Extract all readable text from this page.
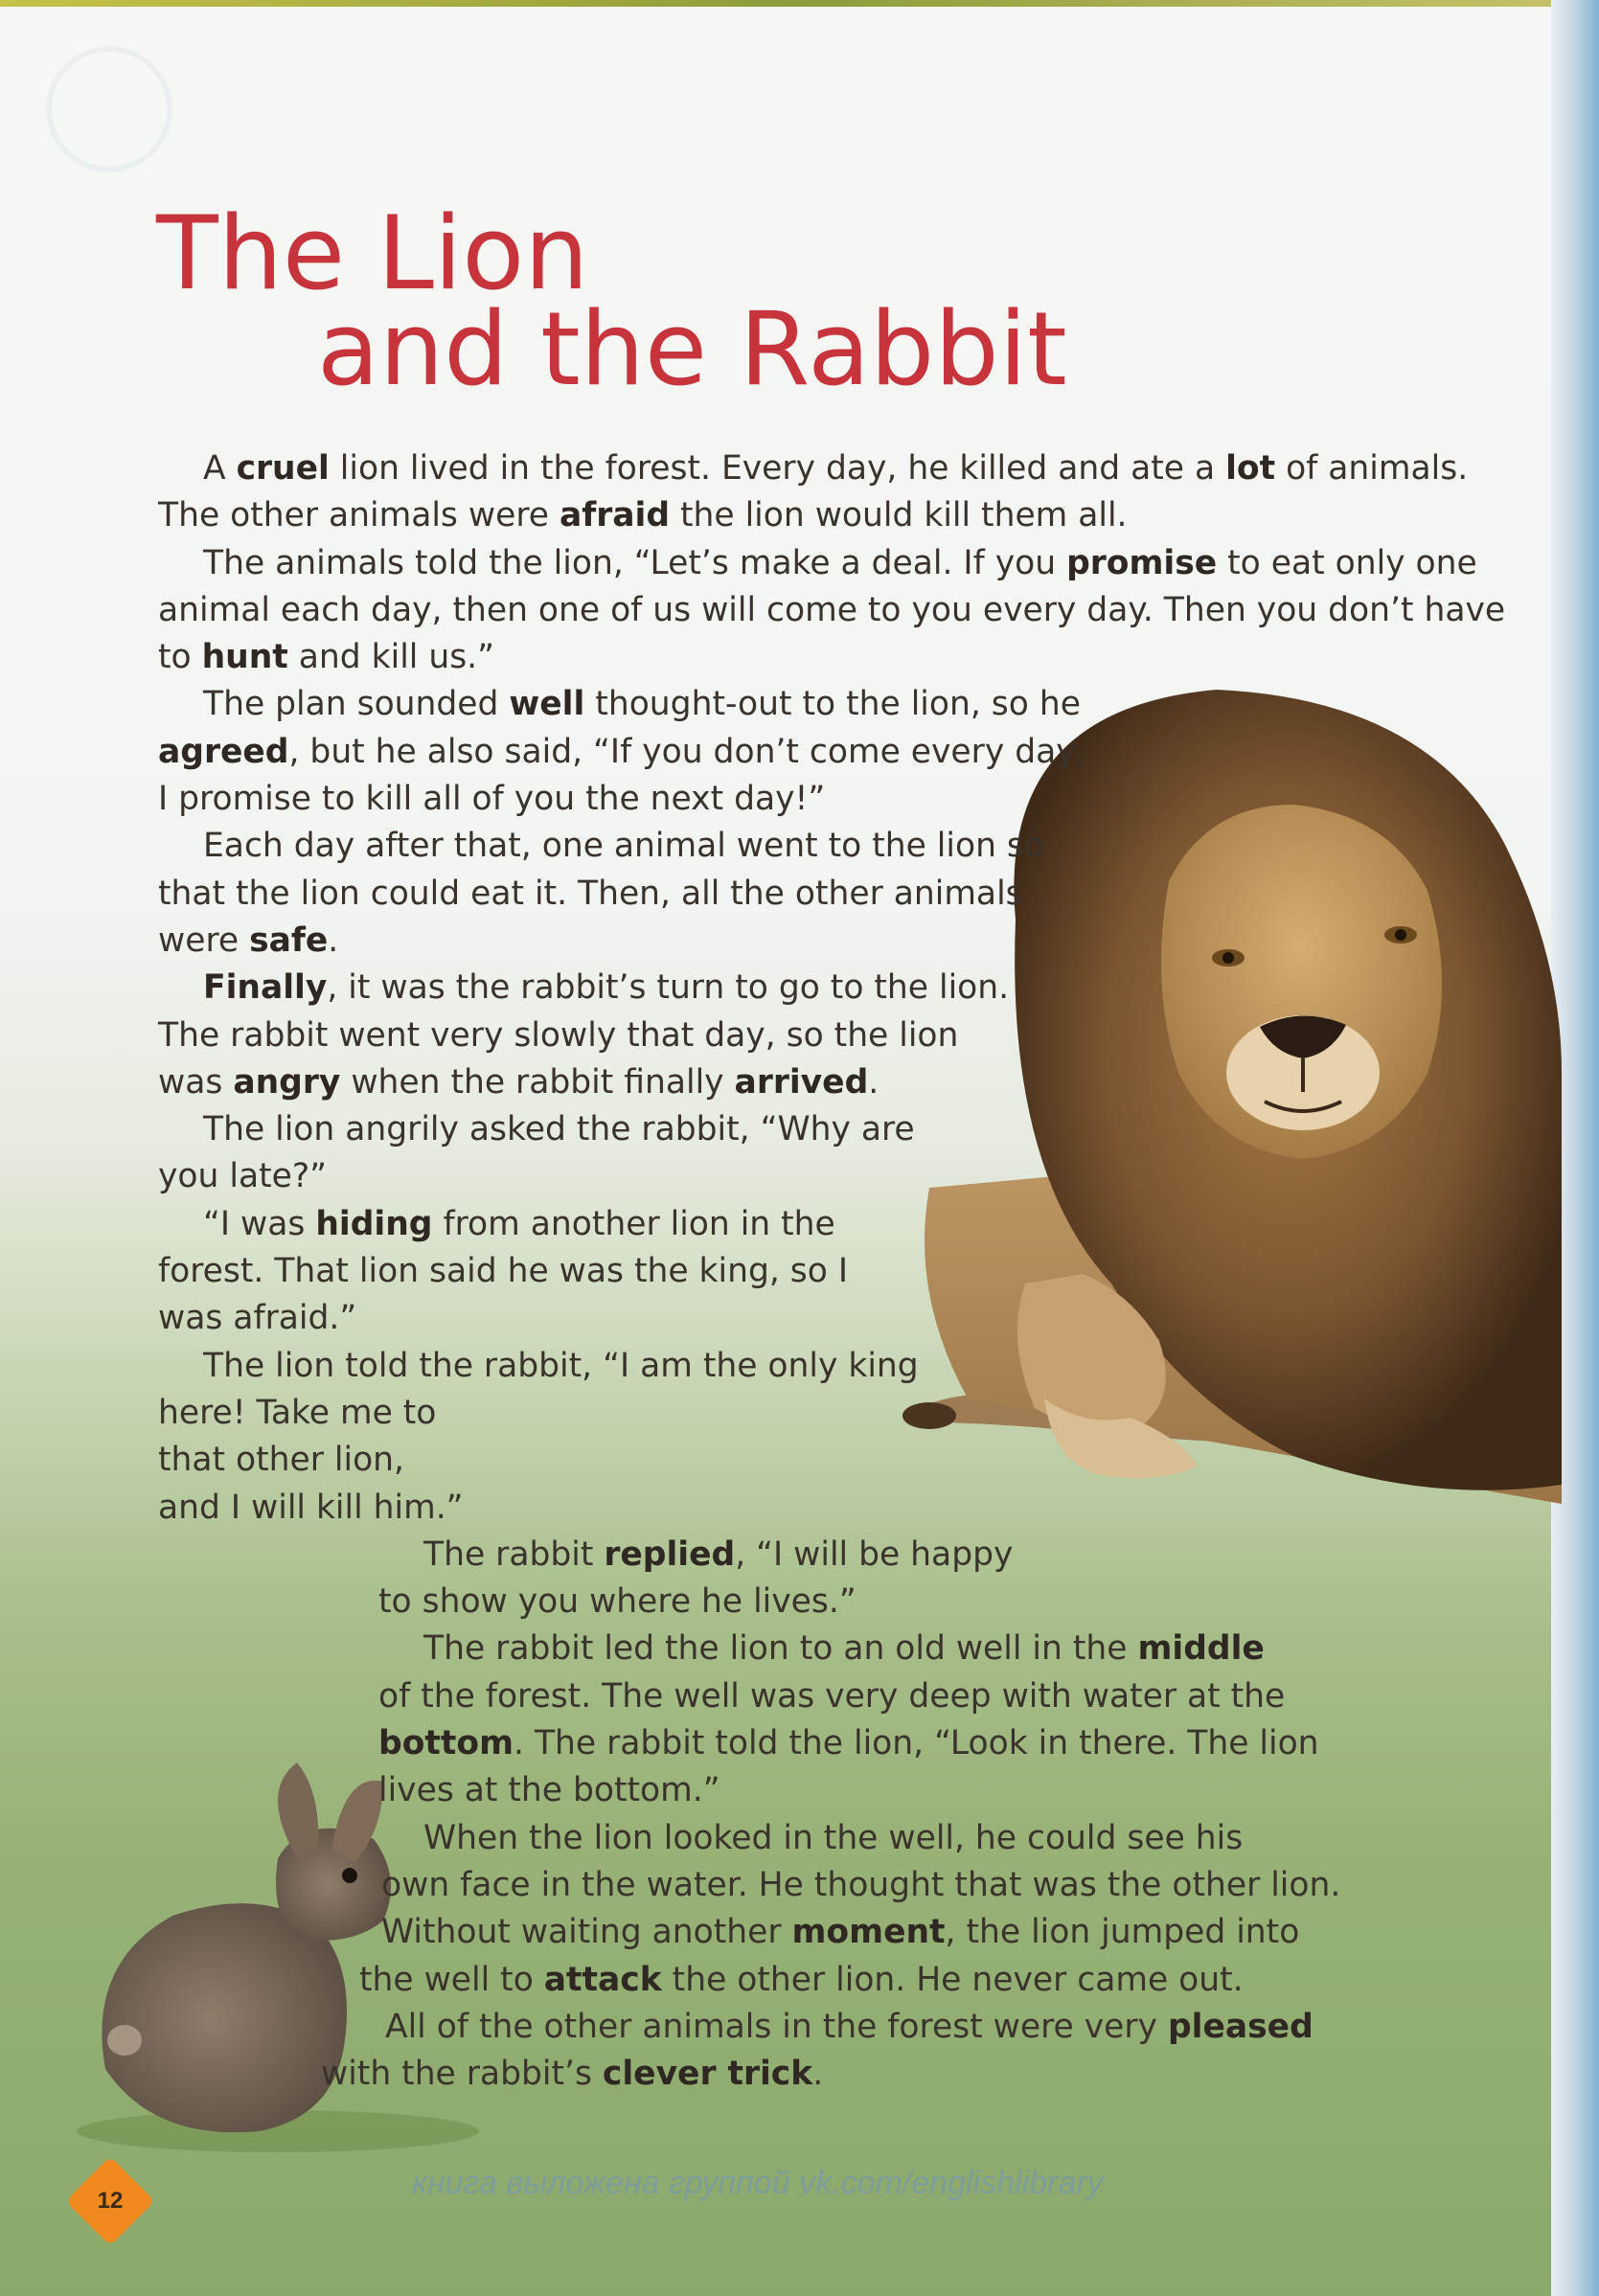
The Lion
and the Rabbit
A cruel lion lived in the forest. Every day, he killed and ate a lot of animals.
The other animals were afraid the lion would kill them all.
The animals told the lion, “Let’s make a deal. If you promise to eat only one
animal each day, then one of us will come to you every day. Then you don’t have
to hunt and kill us.”
The plan sounded well thought-out to the lion, so he
agreed, but he also said, “If you don’t come every day,
I promise to kill all of you the next day!”
Each day after that, one animal went to the lion so
that the lion could eat it. Then, all the other animals
were safe.
Finally, it was the rabbit’s turn to go to the lion.
The rabbit went very slowly that day, so the lion
was angry when the rabbit finally arrived.
The lion angrily asked the rabbit, “Why are
you late?”
“I was hiding from another lion in the
forest. That lion said he was the king, so I
was afraid.”
The lion told the rabbit, “I am the only king
here! Take me to
that other lion,
and I will kill him.”
The rabbit replied, “I will be happy
to show you where he lives.”
The rabbit led the lion to an old well in the middle
of the forest. The well was very deep with water at the
bottom. The rabbit told the lion, “Look in there. The lion
lives at the bottom.”
When the lion looked in the well, he could see his
own face in the water. He thought that was the other lion.
Without waiting another moment, the lion jumped into
the well to attack the other lion. He never came out.
All of the other animals in the forest were very pleased
with the rabbit’s clever trick.
12	книга выложена группой vk.com/englishlibrary
